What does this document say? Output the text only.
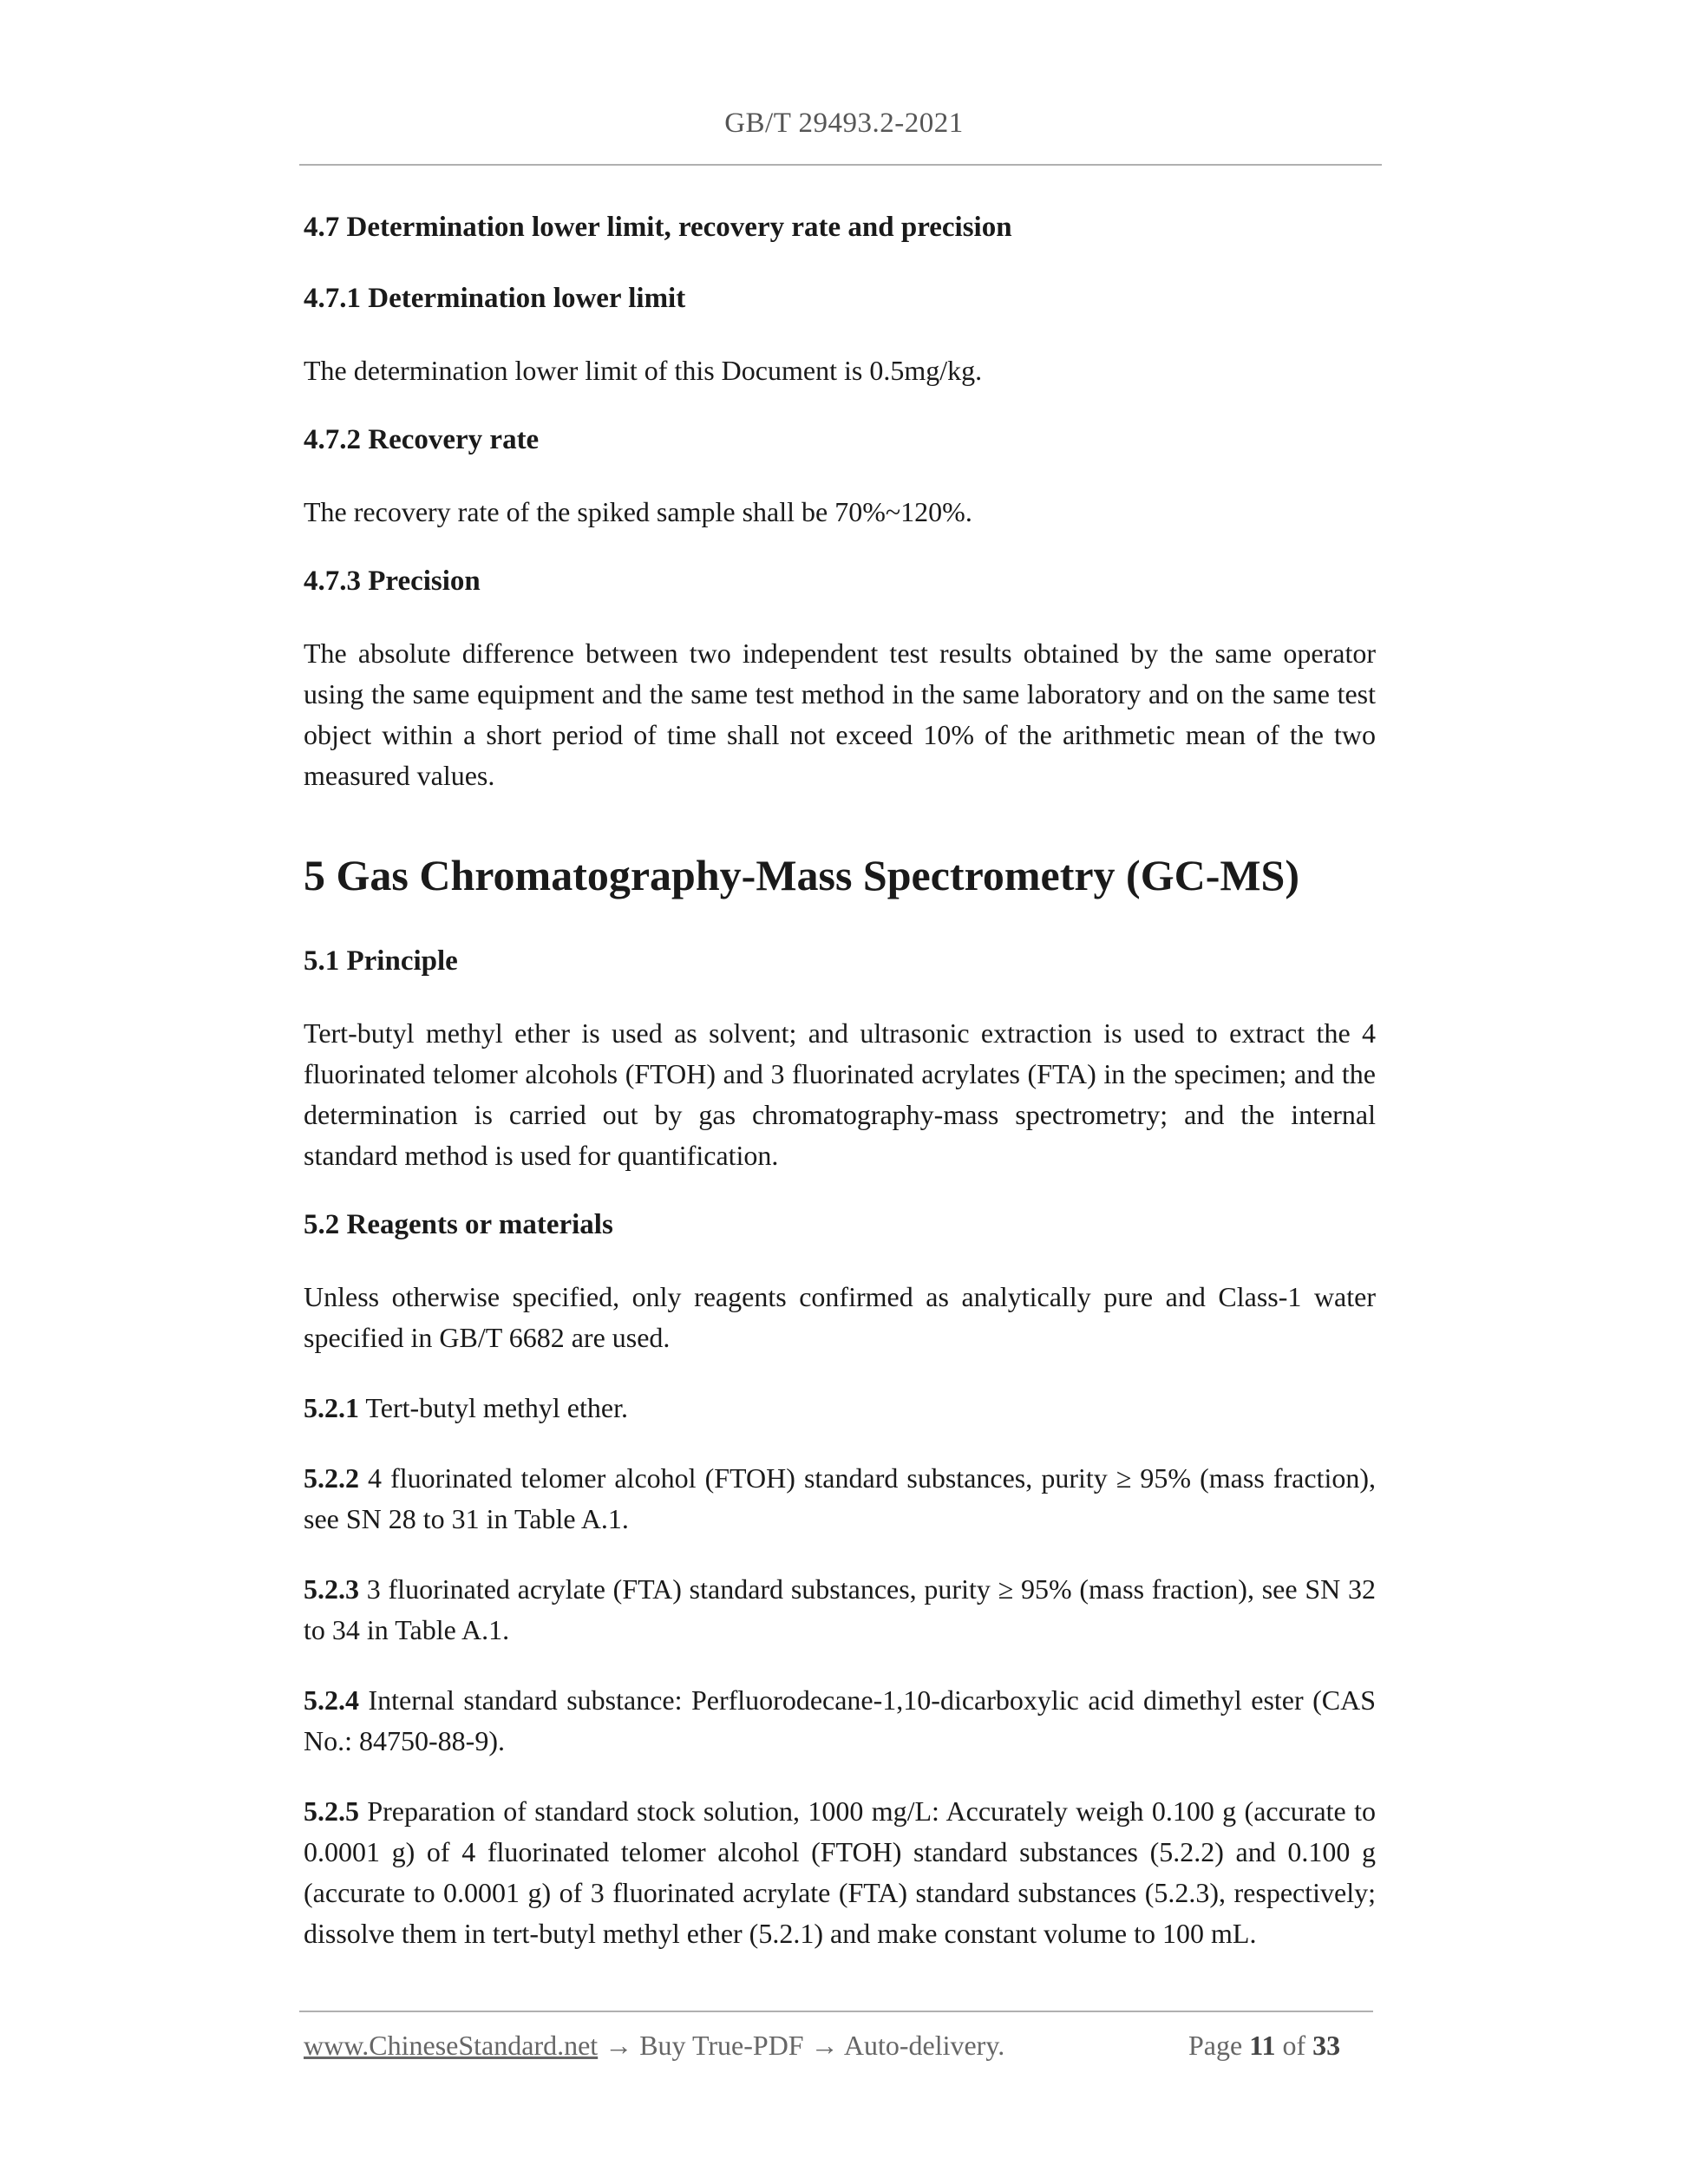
GB/T 29493.2-2021
4.7 Determination lower limit, recovery rate and precision
4.7.1 Determination lower limit

The determination lower limit of this Document is 0.5mg/kg.

4.7.2 Recovery rate

The recovery rate of the spiked sample shall be 70%~120%.

4.7.3 Precision

The absolute difference between two independent test results obtained by the same operator using the same equipment and the same test method in the same laboratory and on the same test object within a short period of time shall not exceed 10% of the arithmetic mean of the two measured values.

5 Gas Chromatography-Mass Spectrometry (GC-MS)
5.1 Principle

Tert-butyl methyl ether is used as solvent; and ultrasonic extraction is used to extract the 4 fluorinated telomer alcohols (FTOH) and 3 fluorinated acrylates (FTA) in the specimen; and the determination is carried out by gas chromatography-mass spectrometry; and the internal standard method is used for quantification.

5.2 Reagents or materials

Unless otherwise specified, only reagents confirmed as analytically pure and Class-1 water specified in GB/T 6682 are used.

5.2.1 Tert-butyl methyl ether.

5.2.2 4 fluorinated telomer alcohol (FTOH) standard substances, purity ≥ 95% (mass fraction), see SN 28 to 31 in Table A.1.

5.2.3 3 fluorinated acrylate (FTA) standard substances, purity ≥ 95% (mass fraction), see SN 32 to 34 in Table A.1.

5.2.4 Internal standard substance: Perfluorodecane-1,10-dicarboxylic acid dimethyl ester (CAS No.: 84750-88-9).

5.2.5 Preparation of standard stock solution, 1000 mg/L: Accurately weigh 0.100 g (accurate to 0.0001 g) of 4 fluorinated telomer alcohol (FTOH) standard substances (5.2.2) and 0.100 g (accurate to 0.0001 g) of 3 fluorinated acrylate (FTA) standard substances (5.2.3), respectively; dissolve them in tert-butyl methyl ether (5.2.1) and make constant volume to 100 mL.

www.ChineseStandard.net → Buy True-PDF → Auto-delivery.	Page 11 of 33
